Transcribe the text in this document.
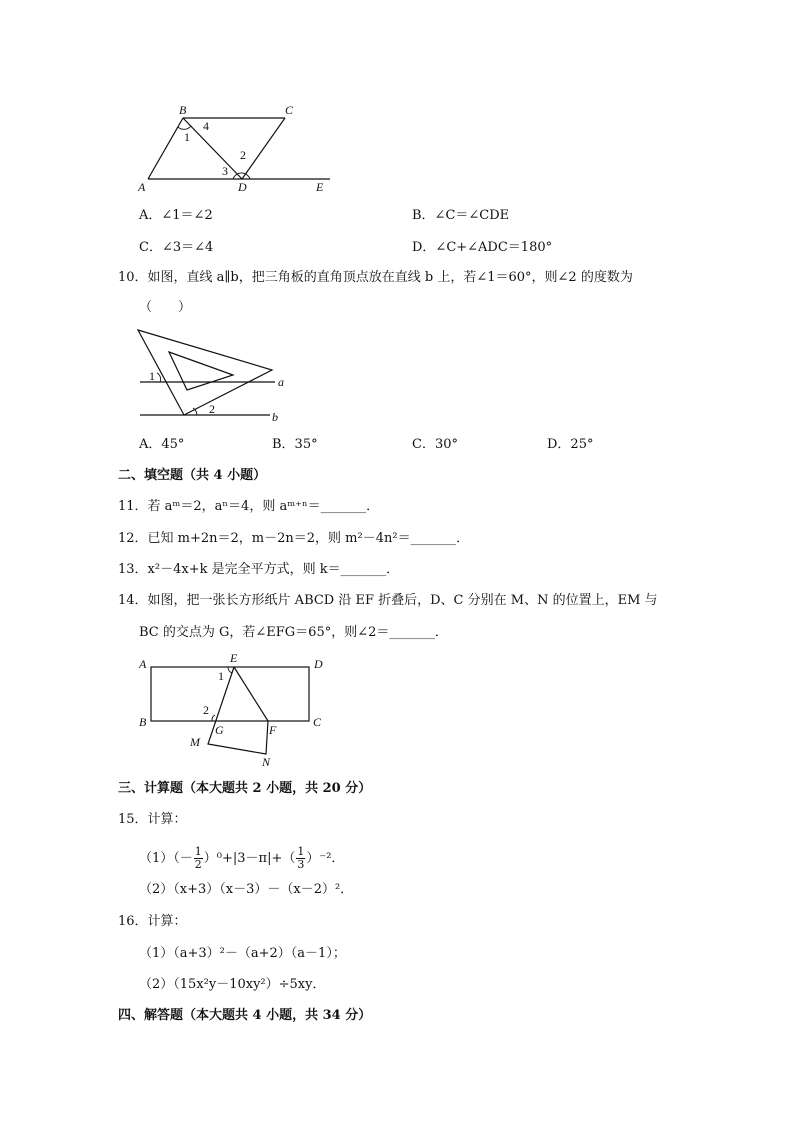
B	C
A	D	E
1
2
3
4
A．∠1＝∠2	B．∠C＝∠CDE
C．∠3＝∠4	D．∠C+∠ADC＝180°
10．如图，直线 a∥b，把三角板的直角顶点放在直线 b 上，若∠1＝60°，则∠2 的度数为
（　　）
1
2
a
b
A．45°	B．35°	C．30°	D．25°
二、填空题（共 4 小题）
11．若 aᵐ＝2，aⁿ＝4，则 aᵐ⁺ⁿ＝_______．
12．已知 m+2n＝2，m－2n＝2，则 m²－4n²＝_______．
13．x²－4x+k 是完全平方式，则 k＝_______．
14．如图，把一张长方形纸片 ABCD 沿 EF 折叠后，D、C 分别在 M、N 的位置上，EM 与
BC 的交点为 G，若∠EFG＝65°，则∠2＝_______．
A	E	D
B	C
G	F
M
N
1
2
三、计算题（本大题共 2 小题，共 20 分）
15．计算：
$(1)(- \frac{1}{2} )^0+|3-\pi|+( \frac{1}{3} )^{-2}$．
（2）（x+3）（x－3）－（x－2）²．
16．计算：
（1）（a+3）²－（a+2）（a－1）；
（2）（15x²y－10xy²）÷5xy．
四、解答题（本大题共 4 小题，共 34 分）
